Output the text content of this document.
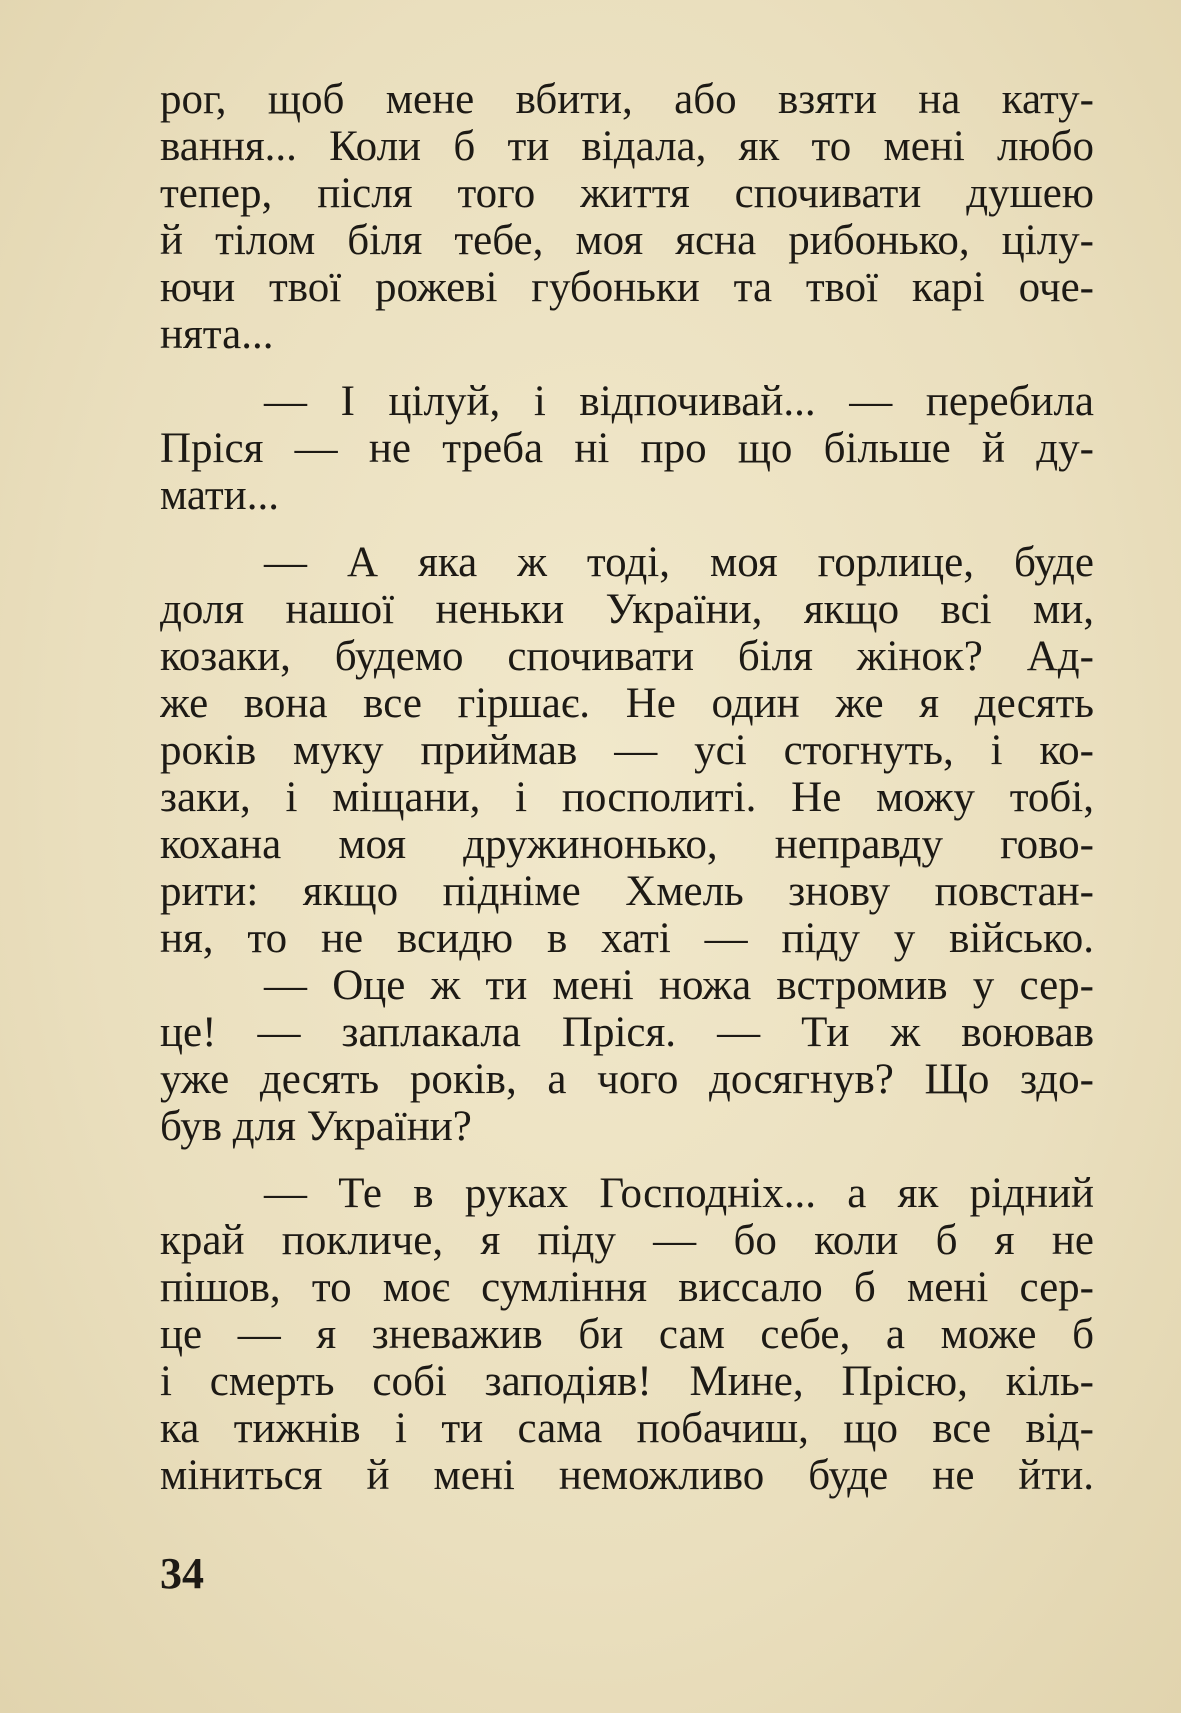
рог, щоб мене вбити, або взяти на кату-
вання... Коли б ти відала, як то мені любо
тепер, після того життя спочивати душею
й тілом біля тебе, моя ясна рибонько, цілу-
ючи твої рожеві губоньки та твої карі оче-
нята...

— І цілуй, і відпочивай... — перебила
Пріся — не треба ні про що більше й ду-
мати...

— А яка ж тоді, моя горлице, буде
доля нашої неньки України, якщо всі ми,
козаки, будемо спочивати біля жінок? Ад-
же вона все гіршає. Не один же я десять
років муку приймав — усі стогнуть, і ко-
заки, і міщани, і посполиті. Не можу тобі,
кохана моя дружинонько, неправду гово-
рити: якщо підніме Хмель знову повстан-
ня, то не всидю в хаті — піду у військо.

— Оце ж ти мені ножа встромив у сер-
це! — заплакала Пріся. — Ти ж воював
уже десять років, а чого досягнув? Що здо-
був для України?

— Те в руках Господніх... а як рідний
край покличе, я піду — бо коли б я не
пішов, то моє сумління виссало б мені сер-
це — я зневажив би сам себе, а може б
і смерть собі заподіяв! Мине, Прісю, кіль-
ка тижнів і ти сама побачиш, що все від-
міниться й мені неможливо буде не йти.

34
